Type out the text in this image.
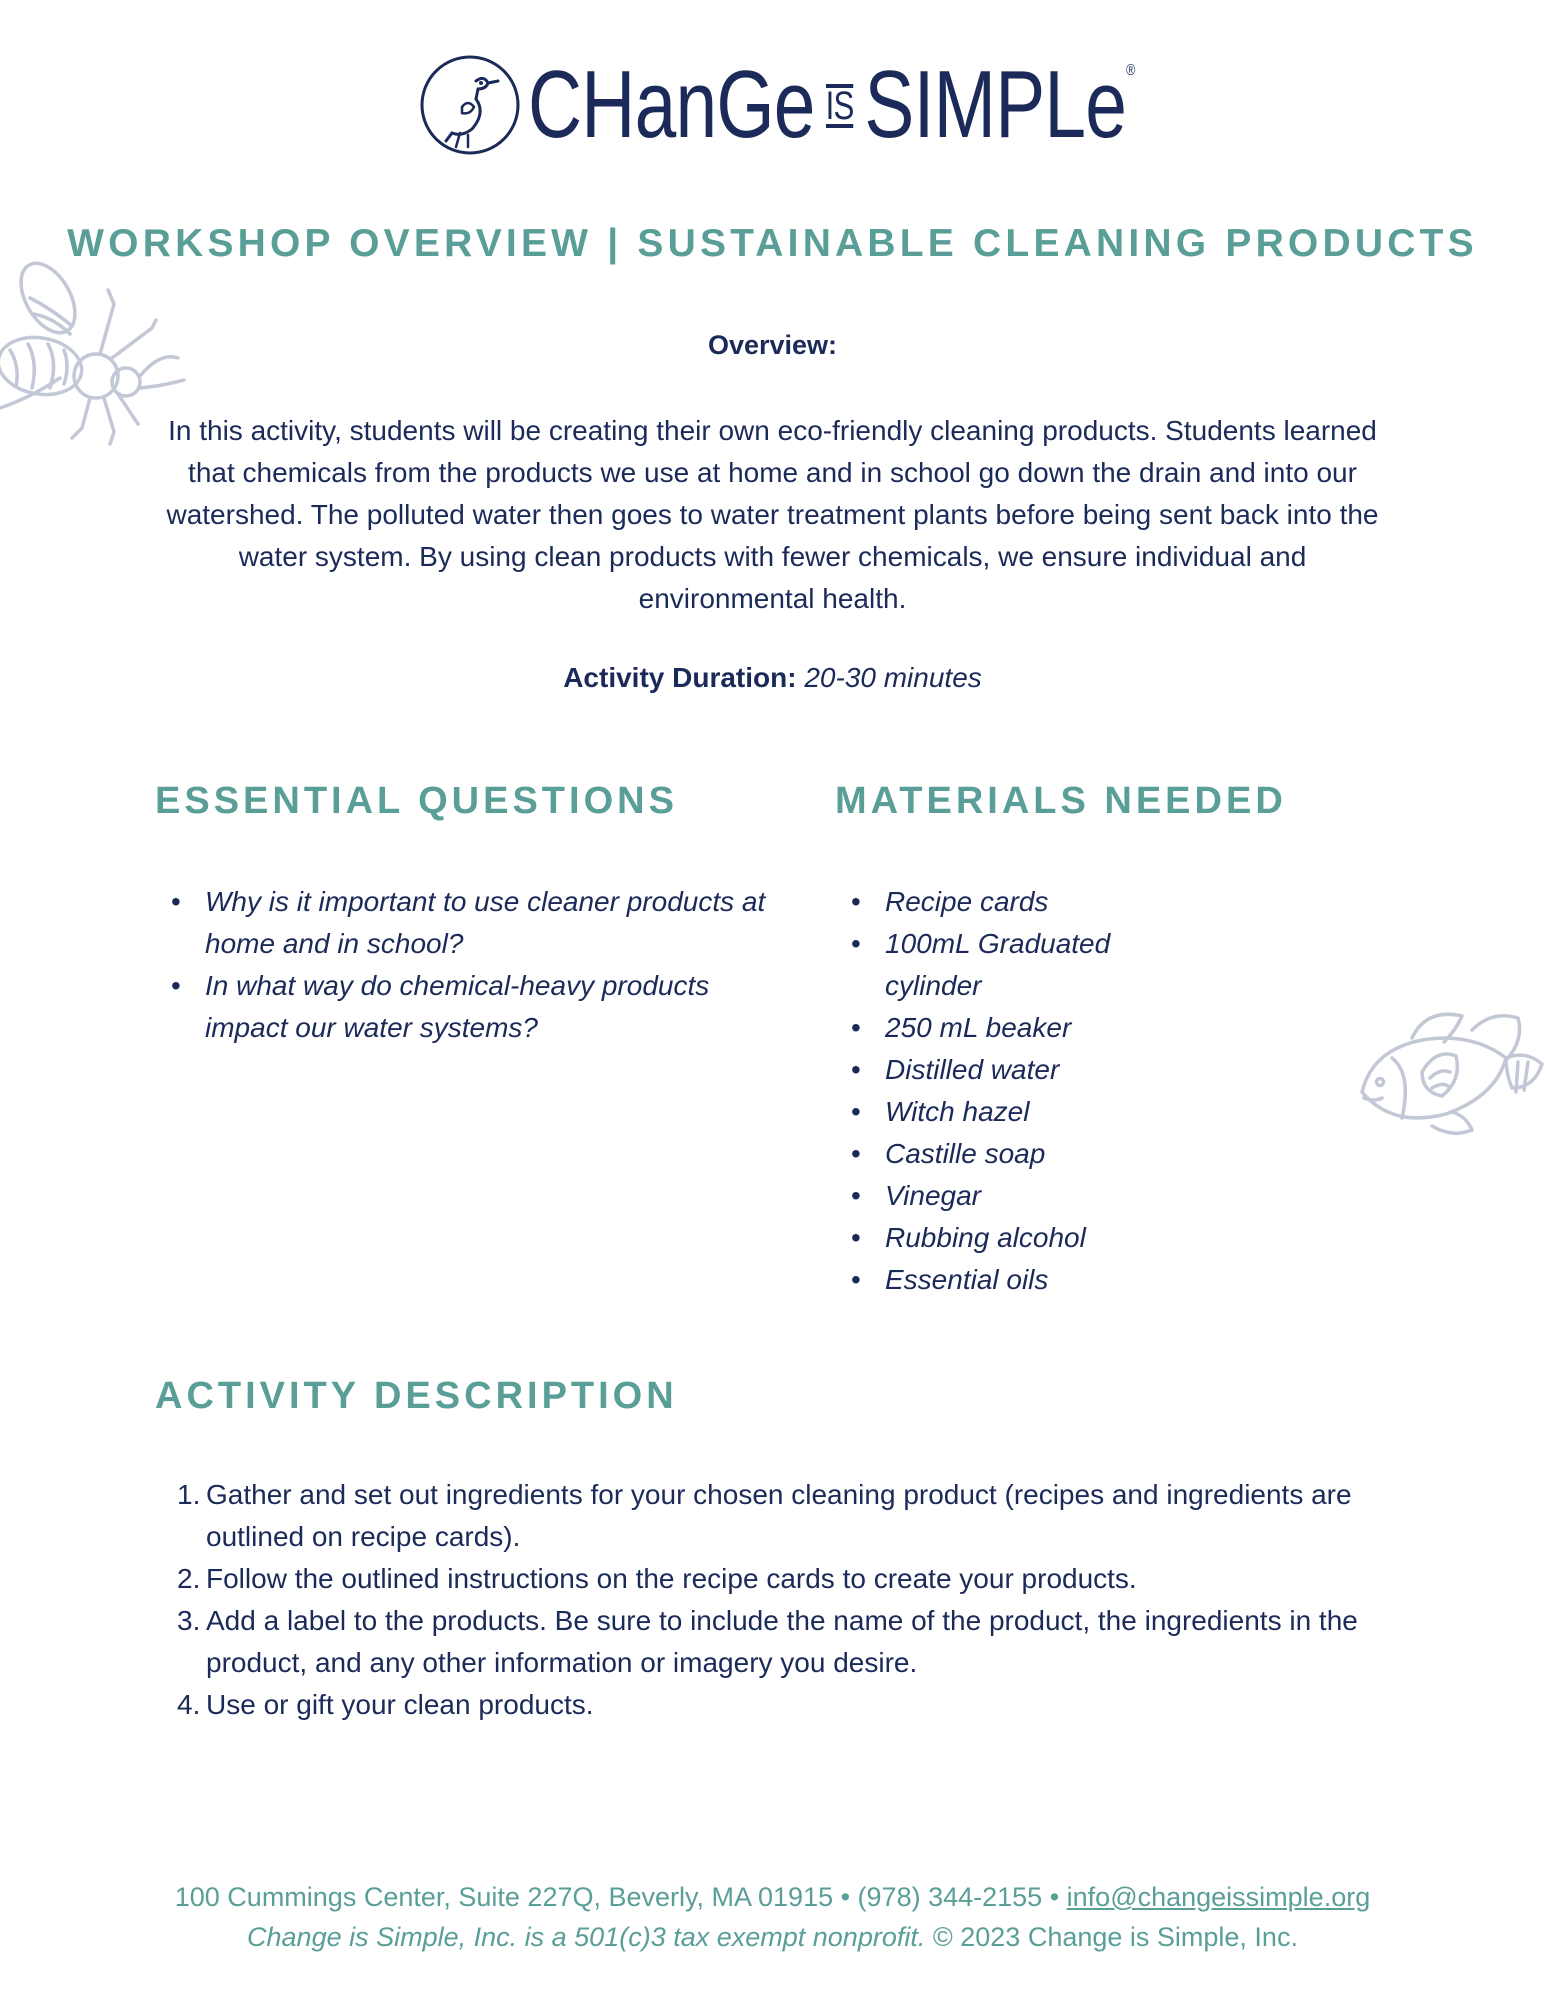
CHanGe IS SIMPLe®
WORKSHOP OVERVIEW | SUSTAINABLE CLEANING PRODUCTS
Overview:
In this activity, students will be creating their own eco-friendly cleaning products. Students learned that chemicals from the products we use at home and in school go down the drain and into our watershed. The polluted water then goes to water treatment plants before being sent back into the water system. By using clean products with fewer chemicals, we ensure individual and environmental health.
Activity Duration: 20-30 minutes
ESSENTIAL QUESTIONS
• Why is it important to use cleaner products at home and in school?
• In what way do chemical-heavy products impact our water systems?
MATERIALS NEEDED
• Recipe cards
• 100mL Graduated cylinder
• 250 mL beaker
• Distilled water
• Witch hazel
• Castille soap
• Vinegar
• Rubbing alcohol
• Essential oils
ACTIVITY DESCRIPTION
1. Gather and set out ingredients for your chosen cleaning product (recipes and ingredients are outlined on recipe cards).
2. Follow the outlined instructions on the recipe cards to create your products.
3. Add a label to the products. Be sure to include the name of the product, the ingredients in the product, and any other information or imagery you desire.
4. Use or gift your clean products.
100 Cummings Center, Suite 227Q, Beverly, MA 01915 • (978) 344-2155 • info@changeissimple.org
Change is Simple, Inc. is a 501(c)3 tax exempt nonprofit. © 2023 Change is Simple, Inc.
